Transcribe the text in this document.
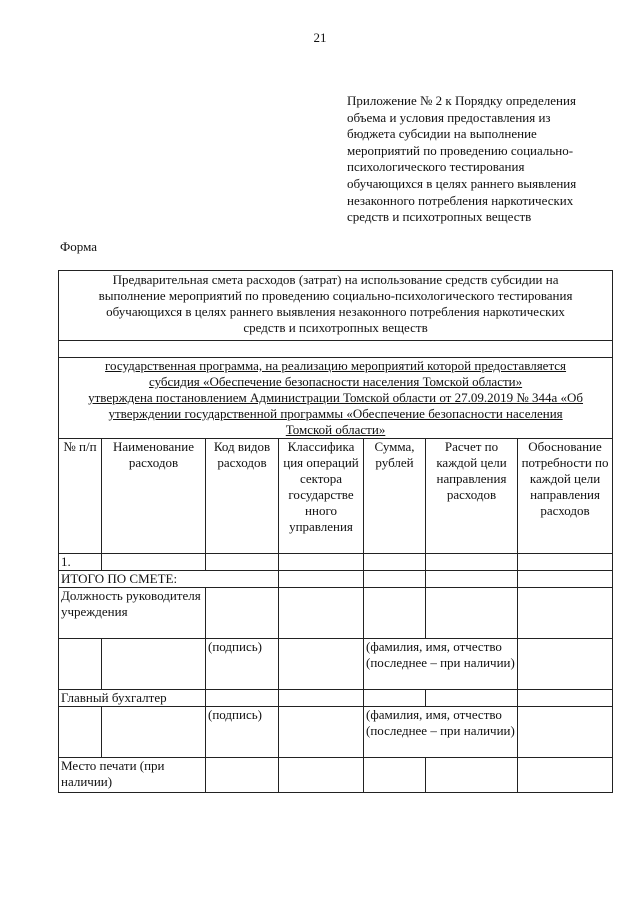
21
Приложение № 2 к Порядку определения
объема и условия предоставления из
бюджета субсидии на выполнение
мероприятий по проведению социально-
психологического тестирования
обучающихся в целях раннего выявления
незаконного потребления наркотических
средств и психотропных веществ
Форма
Предварительная смета расходов (затрат) на использование средств субсидии на
выполнение мероприятий по проведению социально-психологического тестирования
обучающихся в целях раннего выявления незаконного потребления наркотических
средств и психотропных веществ						

государственная программа, на реализацию мероприятий которой предоставляется
субсидия «Обеспечение безопасности населения Томской области»
утверждена постановлением Администрации Томской области от 27.09.2019 № 344а «Об
утверждении государственной программы «Обеспечение безопасности населения
Томской области»						

№ п/п	Наименование расходов	Код видов расходов	Классифика ция операций сектора государстве нного управления	Сумма, рублей	Расчет по каждой цели направления расходов	Обоснование потребности по каждой цели направления расходов
1.						
ИТОГО ПО СМЕТЕ:						
Должность руководителя учреждения						
		(подпись)		(фамилия, имя, отчество (последнее – при наличии)		
Главный бухгалтер						
		(подпись)		(фамилия, имя, отчество (последнее – при наличии)		
Место печати (при наличии)						
